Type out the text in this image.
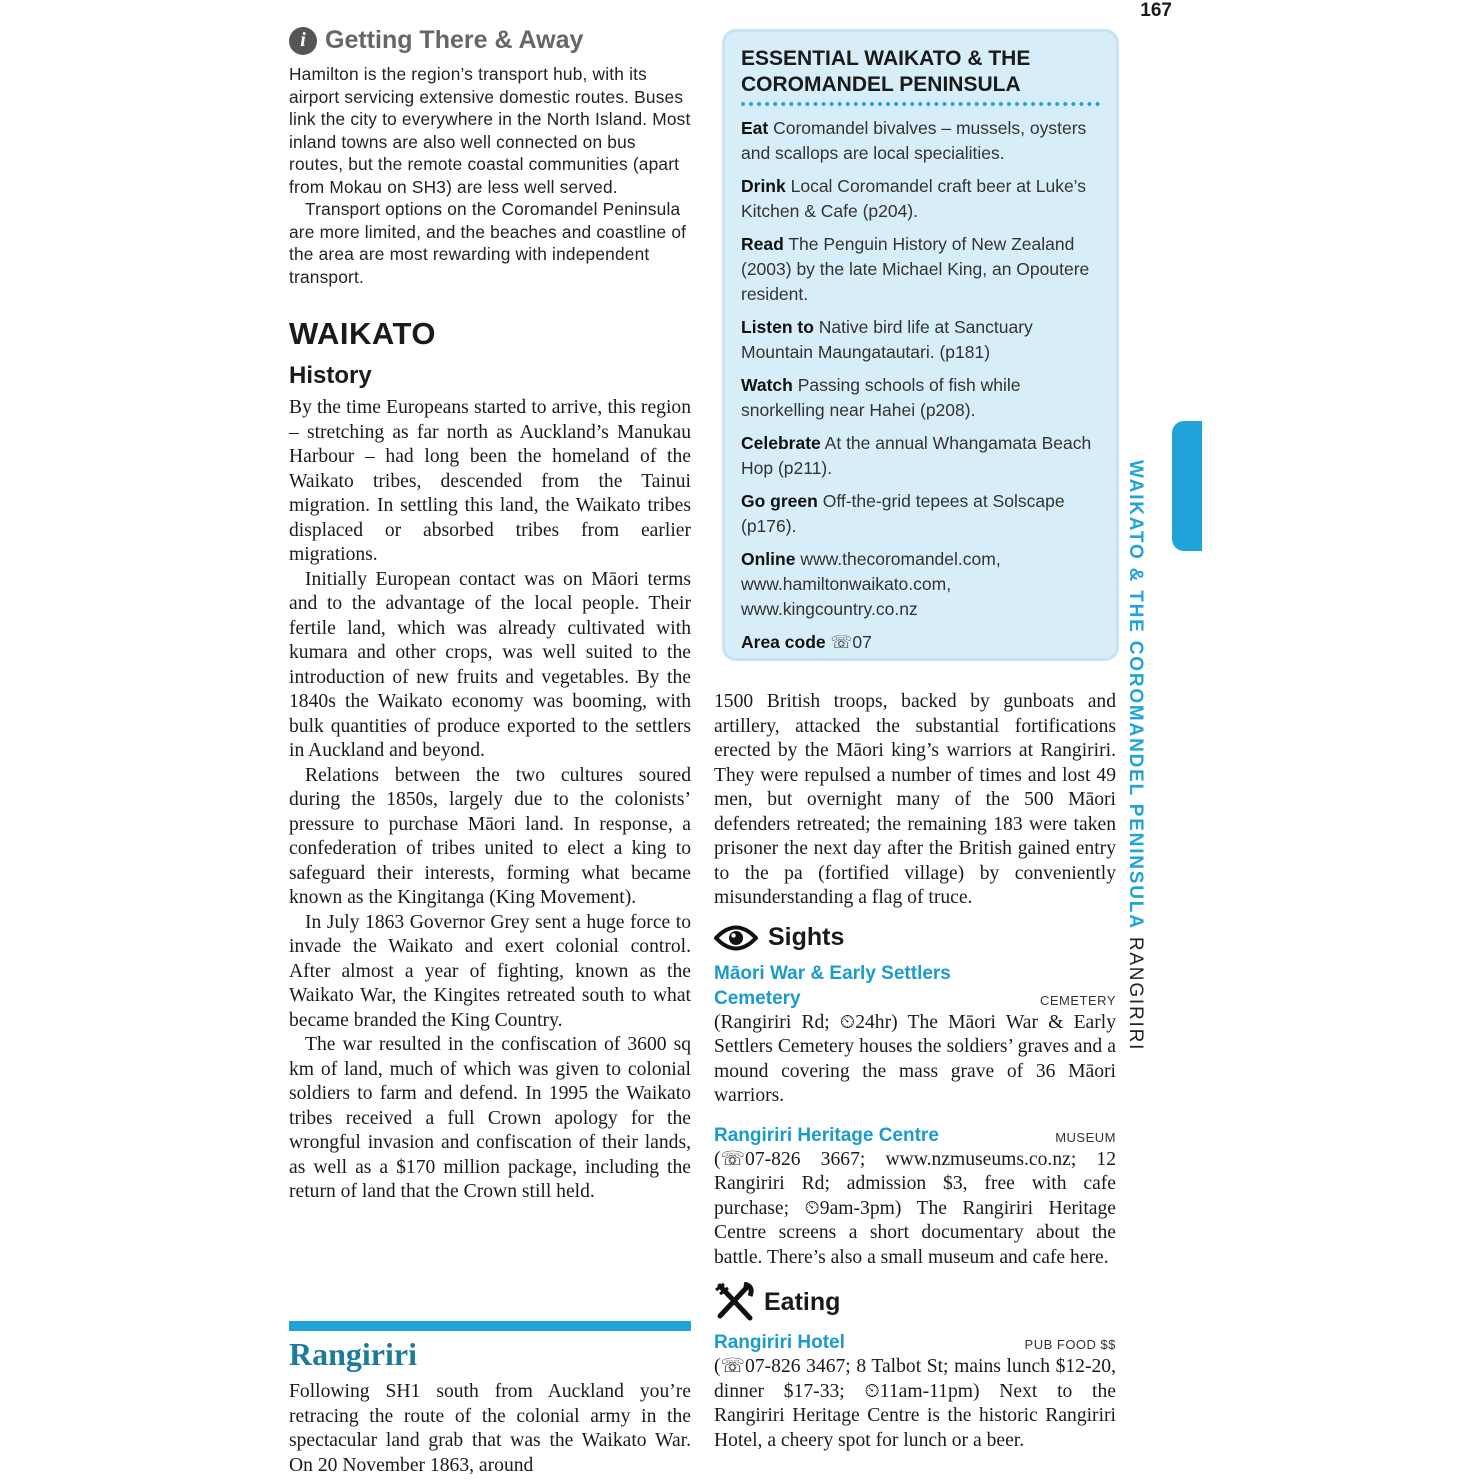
167
i Getting There & Away

Hamilton is the region’s transport hub, with its airport servicing extensive domestic routes. Buses link the city to everywhere in the North Island. Most inland towns are also well connected on bus routes, but the remote coastal communities (apart from Mokau on SH3) are less well served.

Transport options on the Coromandel Peninsula are more limited, and the beaches and coastline of the area are most rewarding with independent transport.

WAIKATO
History

By the time Europeans started to arrive, this region – stretching as far north as Auckland’s Manukau Harbour – had long been the homeland of the Waikato tribes, descended from the Tainui migration. In settling this land, the Waikato tribes displaced or absorbed tribes from earlier migrations.

Initially European contact was on Māori terms and to the advantage of the local people. Their fertile land, which was already cultivated with kumara and other crops, was well suited to the introduction of new fruits and vegetables. By the 1840s the Waikato economy was booming, with bulk quantities of produce exported to the settlers in Auckland and beyond.

Relations between the two cultures soured during the 1850s, largely due to the colonists’ pressure to purchase Māori land. In response, a confederation of tribes united to elect a king to safeguard their interests, forming what became known as the Kingitanga (King Movement).

In July 1863 Governor Grey sent a huge force to invade the Waikato and exert colonial control. After almost a year of fighting, known as the Waikato War, the Kingites retreated south to what became branded the King Country.

The war resulted in the confiscation of 3600 sq km of land, much of which was given to colonial soldiers to farm and defend. In 1995 the Waikato tribes received a full Crown apology for the wrongful invasion and confiscation of their lands, as well as a $170 million package, including the return of land that the Crown still held.

Rangiriri

Following SH1 south from Auckland you’re retracing the route of the colonial army in the spectacular land grab that was the Waikato War. On 20 November 1863, around

ESSENTIAL WAIKATO & THE COROMANDEL PENINSULA

Eat Coromandel bivalves – mussels, oysters and scallops are local specialities.

Drink Local Coromandel craft beer at Luke’s Kitchen & Cafe (p204).

Read The Penguin History of New Zealand (2003) by the late Michael King, an Opoutere resident.

Listen to Native bird life at Sanctuary Mountain Maungatautari. (p181)

Watch Passing schools of fish while snorkelling near Hahei (p208).

Celebrate At the annual Whangamata Beach Hop (p211).

Go green Off-the-grid tepees at Solscape (p176).

Online www.thecoromandel.com, www.hamiltonwaikato.com, www.kingcountry.co.nz

Area code ☏07

1500 British troops, backed by gunboats and artillery, attacked the substantial fortifications erected by the Māori king’s warriors at Rangiriri. They were repulsed a number of times and lost 49 men, but overnight many of the 500 Māori defenders retreated; the remaining 183 were taken prisoner the next day after the British gained entry to the pa (fortified village) by conveniently misunderstanding a flag of truce.

Sights
Māori War & Early Settlers Cemetery	CEMETERY

(Rangiriri Rd; ⏲24hr) The Māori War & Early Settlers Cemetery houses the soldiers’ graves and a mound covering the mass grave of 36 Māori warriors.

Rangiriri Heritage Centre	MUSEUM

(☏07-826 3667; www.nzmuseums.co.nz; 12 Rangiriri Rd; admission $3, free with cafe purchase; ⏲9am-3pm) The Rangiriri Heritage Centre screens a short documentary about the battle. There’s also a small museum and cafe here.

Eating
Rangiriri Hotel	PUB FOOD $$

(☏07-826 3467; 8 Talbot St; mains lunch $12-20, dinner $17-33; ⏲11am-11pm) Next to the Rangiriri Heritage Centre is the historic Rangiriri Hotel, a cheery spot for lunch or a beer.

WAIKATO & THE COROMANDEL PENINSULA RANGIRIRI
